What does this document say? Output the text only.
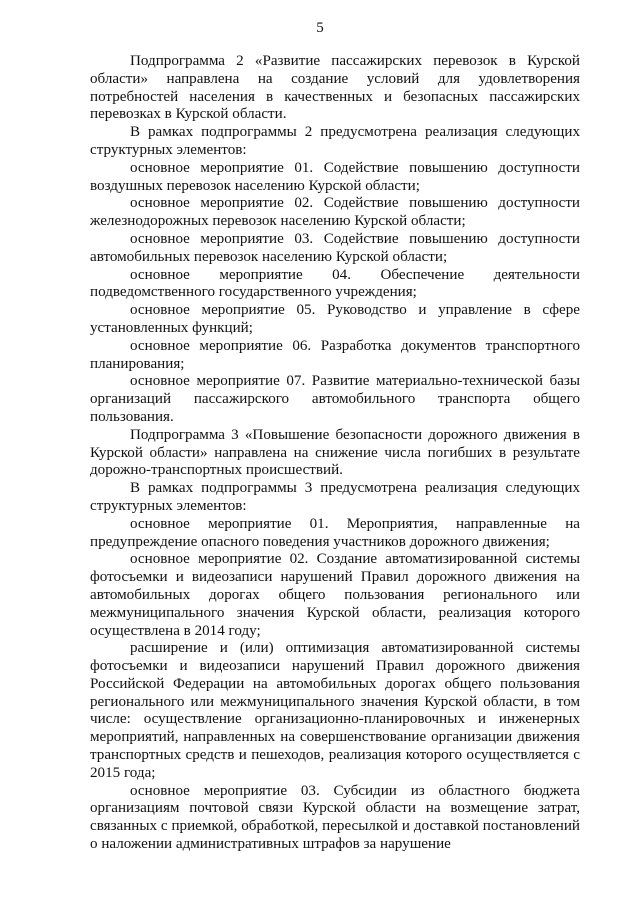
5

Подпрограмма 2 «Развитие пассажирских перевозок в Курской области» направлена на создание условий для удовлетворения потребностей населения в качественных и безопасных пассажирских перевозках в Курской области.

В рамках подпрограммы 2 предусмотрена реализация следующих структурных элементов:

основное мероприятие 01. Содействие повышению доступности воздушных перевозок населению Курской области;

основное мероприятие 02. Содействие повышению доступности железнодорожных перевозок населению Курской области;

основное мероприятие 03. Содействие повышению доступности автомобильных перевозок населению Курской области;

основное мероприятие 04. Обеспечение деятельности подведомственного государственного учреждения;

основное мероприятие 05. Руководство и управление в сфере установленных функций;

основное мероприятие 06. Разработка документов транспортного планирования;

основное мероприятие 07. Развитие материально-технической базы организаций пассажирского автомобильного транспорта общего пользования.

Подпрограмма 3 «Повышение безопасности дорожного движения в Курской области» направлена на снижение числа погибших в результате дорожно-транспортных происшествий.

В рамках подпрограммы 3 предусмотрена реализация следующих структурных элементов:

основное мероприятие 01. Мероприятия, направленные на предупреждение опасного поведения участников дорожного движения;

основное мероприятие 02. Создание автоматизированной системы фотосъемки и видеозаписи нарушений Правил дорожного движения на автомобильных дорогах общего пользования регионального или межмуниципального значения Курской области, реализация которого осуществлена в 2014 году;

расширение и (или) оптимизация автоматизированной системы фотосъемки и видеозаписи нарушений Правил дорожного движения Российской Федерации на автомобильных дорогах общего пользования регионального или межмуниципального значения Курской области, в том числе: осуществление организационно-планировочных и инженерных мероприятий, направленных на совершенствование организации движения транспортных средств и пешеходов, реализация которого осуществляется с 2015 года;

основное мероприятие 03. Субсидии из областного бюджета организациям почтовой связи Курской области на возмещение затрат, связанных с приемкой, обработкой, пересылкой и доставкой постановлений о наложении административных штрафов за нарушение
